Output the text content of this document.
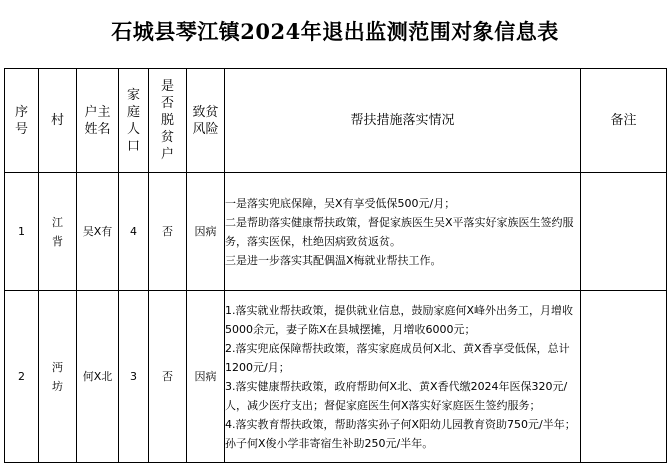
石城县琴江镇2024年退出监测范围对象信息表
序号	村	户主姓名	家庭人口	是否脱贫户	致贫风险	帮扶措施落实情况	备注
1	江背	吴X有	4	否	因病	一是落实兜底保障，吴X有享受低保500元/月；

二是帮助落实健康帮扶政策，督促家族医生吴X平落实好家族医生签约服务，落实医保，杜绝因病致贫返贫。

三是进一步落实其配偶温X梅就业帮扶工作。	

2	沔坊	何X北	3	否	因病	1.落实就业帮扶政策，提供就业信息，鼓励家庭何X峰外出务工，月增收5000余元，妻子陈X在县城摆摊，月增收6000元；

2.落实兜底保障帮扶政策，落实家庭成员何X北、黄X香享受低保，总计1200元/月；

3.落实健康帮扶政策，政府帮助何X北、黄X香代缴2024年医保320元/人，减少医疗支出；督促家庭医生何X落实好家庭医生签约服务；

4.落实教育帮扶政策，帮助落实孙子何X阳幼儿园教育资助750元/半年；孙子何X俊小学非寄宿生补助250元/半年。	
